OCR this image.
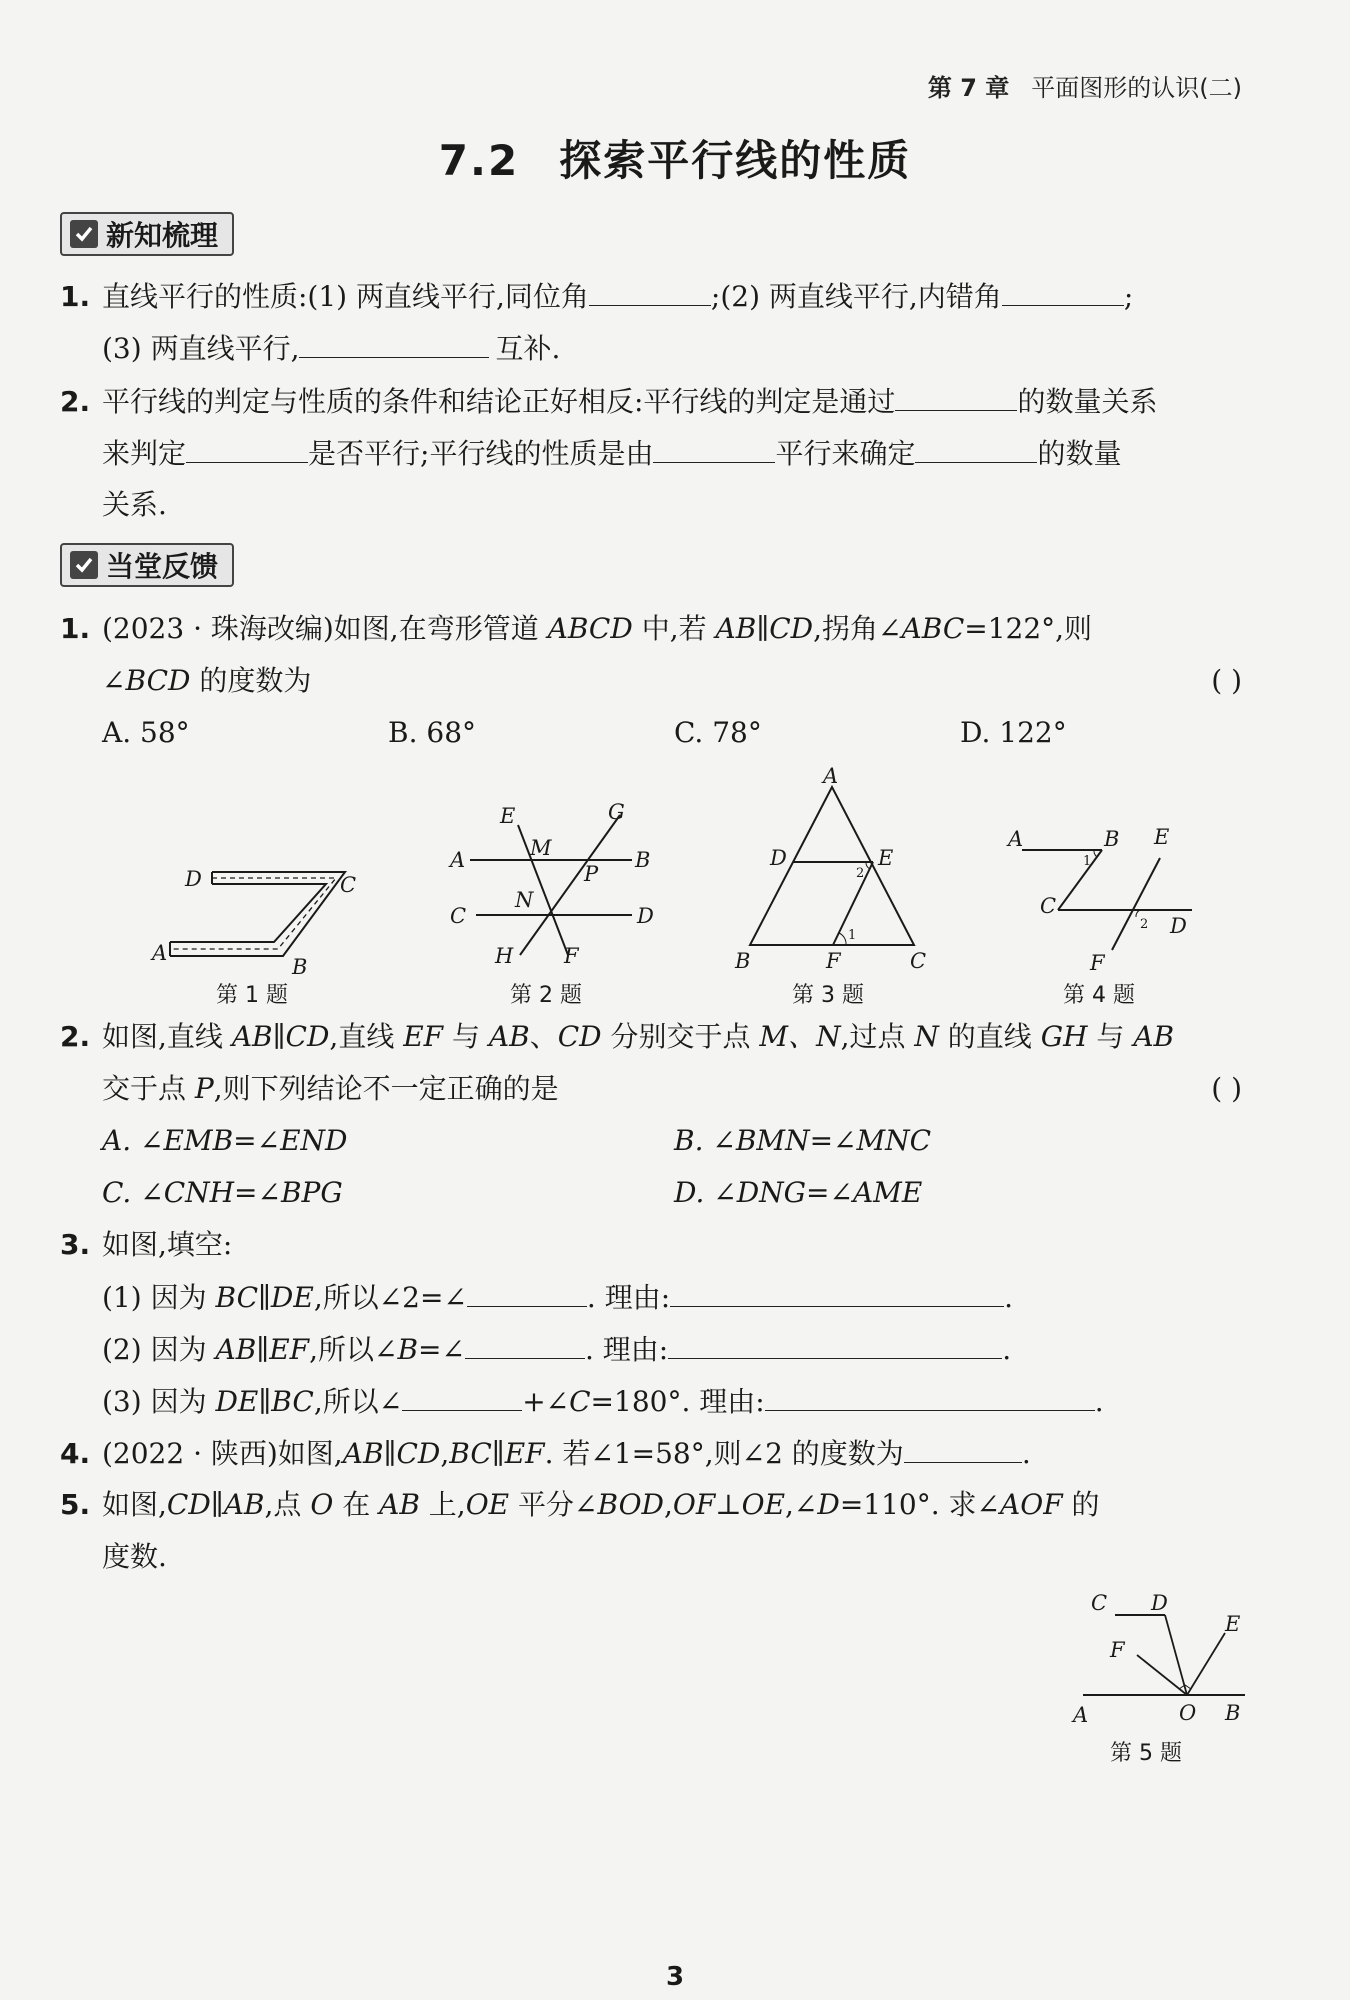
第 7 章 平面图形的认识(二)
7.2 探索平行线的性质
新知梳理
1. 直线平行的性质:(1) 两直线平行,同位角	;(2) 两直线平行,内错角	;
(3) 两直线平行,	互补.
2. 平行线的判定与性质的条件和结论正好相反:平行线的判定是通过	的数量关系
来判定	是否平行;平行线的性质是由	平行来确定	的数量
关系.
当堂反馈
1. (2023 · 珠海改编)如图,在弯形管道 ABCD 中,若 AB∥CD,拐角∠ABC=122°,则
∠BCD 的度数为	( )
A. 58°	B. 68°	C. 78°	D. 122°
D	C
A
B
E	G
A	M	B
P
N
C	D
H F
A
D	E
2
1
B	F	C
A	B E
1
C
2 D
F
第 1 题	第 2 题	第 3 题	第 4 题
2. 如图,直线 AB∥CD,直线 EF 与 AB、CD 分别交于点 M、N,过点 N 的直线 GH 与 AB
交于点 P,则下列结论不一定正确的是	( )
A. ∠EMB=∠END	B. ∠BMN=∠MNC
C. ∠CNH=∠BPG	D. ∠DNG=∠AME
3. 如图,填空:
(1) 因为 BC∥DE,所以∠2=∠	. 理由:	.
(2) 因为 AB∥EF,所以∠B=∠	. 理由:	.
(3) 因为 DE∥BC,所以∠	+∠C=180°. 理由:	.
4. (2022 · 陕西)如图,AB∥CD,BC∥EF. 若∠1=58°,则∠2 的度数为	.
5. 如图,CD∥AB,点 O 在 AB 上,OE 平分∠BOD,OF⊥OE,∠D=110°. 求∠AOF 的
度数.
C D
E
F
A	O B
第 5 题
3
